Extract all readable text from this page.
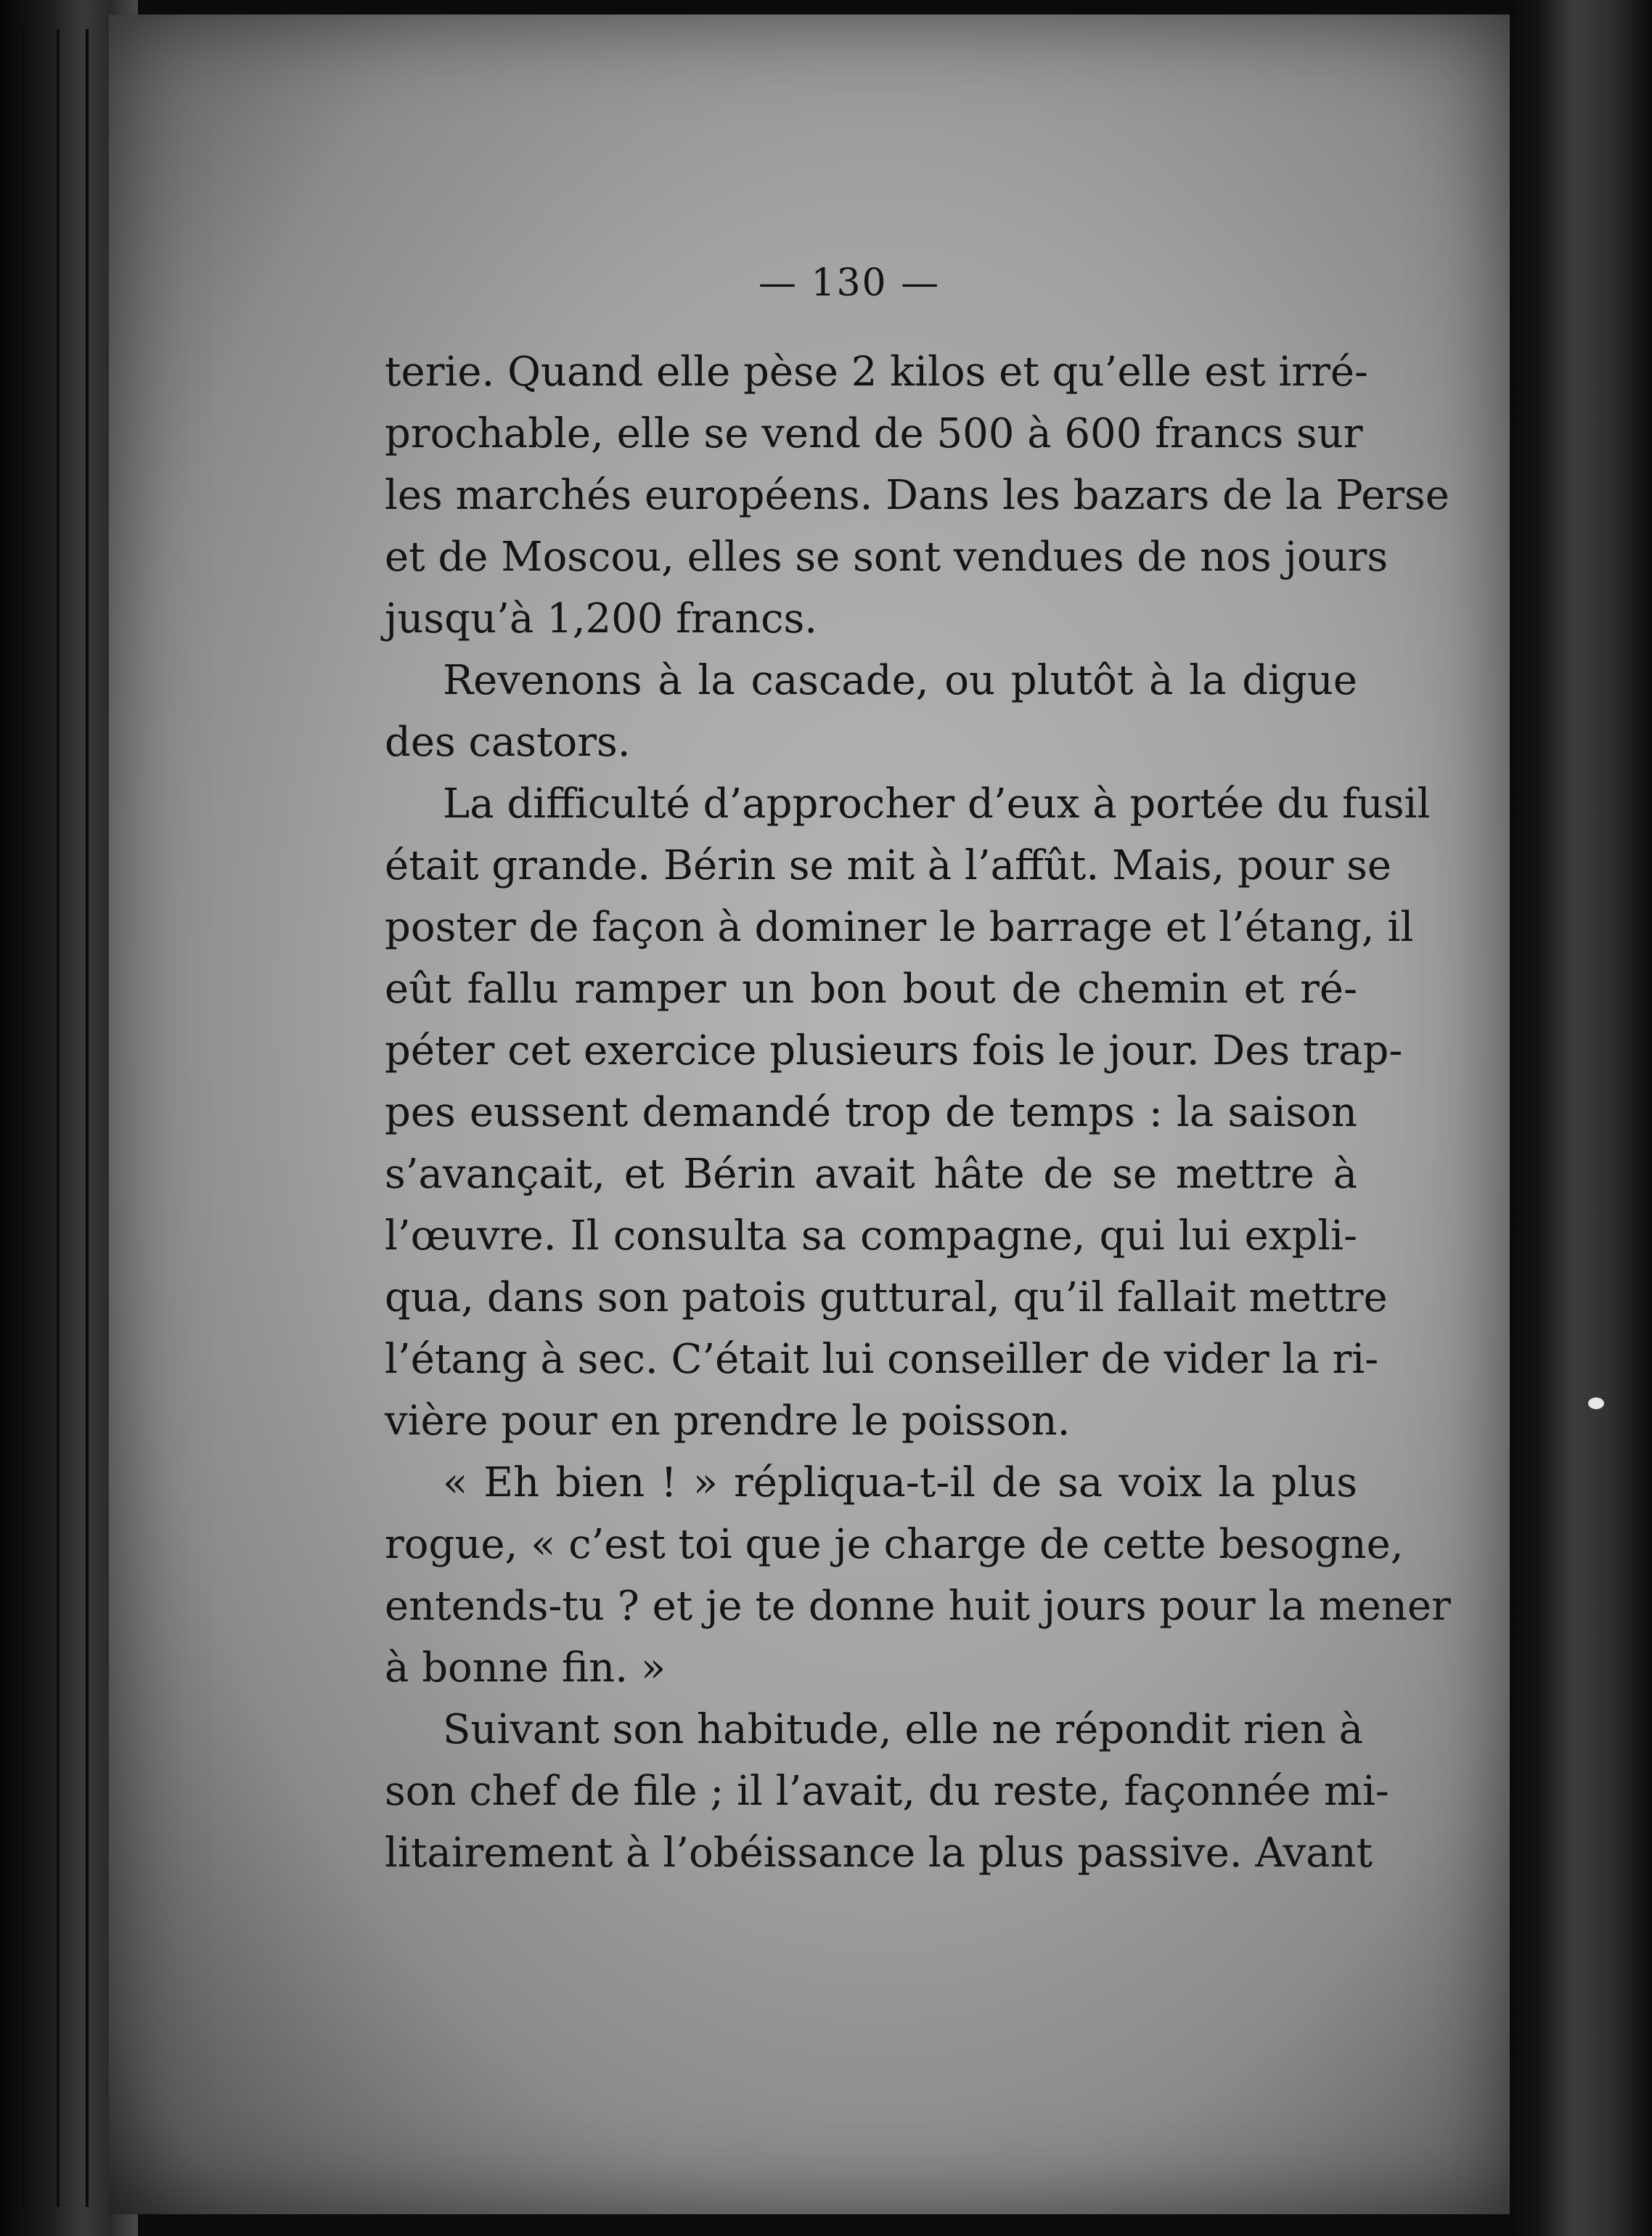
— 130 —
terie. Quand elle pèse 2 kilos et qu’elle est irré-
prochable, elle se vend de 500 à 600 francs sur
les marchés européens. Dans les bazars de la Perse
et de Moscou, elles se sont vendues de nos jours
jusqu’à 1,200 francs.
Revenons à la cascade, ou plutôt à la digue
des castors.
La difficulté d’approcher d’eux à portée du fusil
était grande. Bérin se mit à l’affût. Mais, pour se
poster de façon à dominer le barrage et l’étang, il
eût fallu ramper un bon bout de chemin et ré-
péter cet exercice plusieurs fois le jour. Des trap-
pes eussent demandé trop de temps : la saison
s’avançait, et Bérin avait hâte de se mettre à
l’œuvre. Il consulta sa compagne, qui lui expli-
qua, dans son patois guttural, qu’il fallait mettre
l’étang à sec. C’était lui conseiller de vider la ri-
vière pour en prendre le poisson.
« Eh bien ! » répliqua-t-il de sa voix la plus
rogue, « c’est toi que je charge de cette besogne,
entends-tu ? et je te donne huit jours pour la mener
à bonne fin. »
Suivant son habitude, elle ne répondit rien à
son chef de file ; il l’avait, du reste, façonnée mi-
litairement à l’obéissance la plus passive. Avant
